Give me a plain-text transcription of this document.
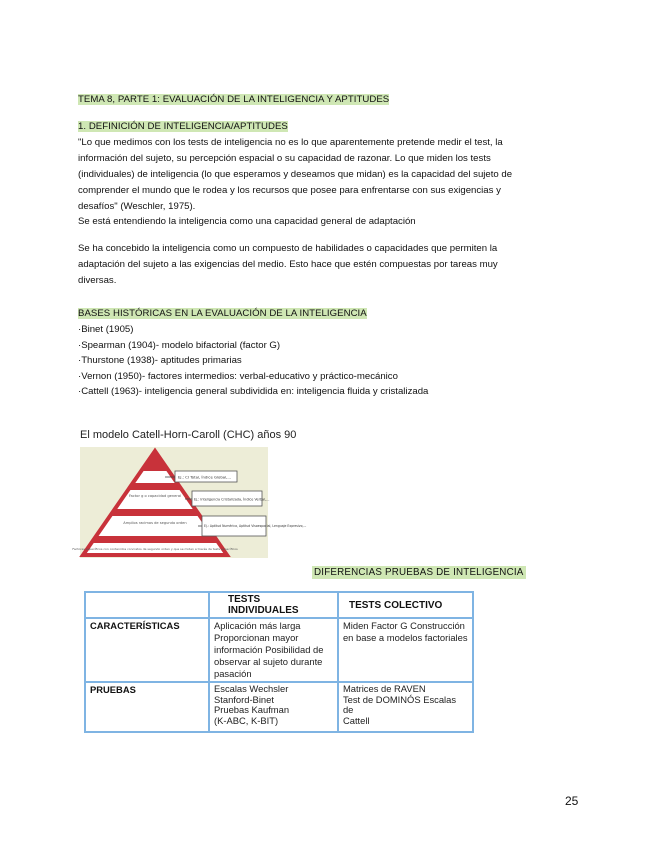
TEMA 8, PARTE 1: EVALUACIÓN DE LA INTELIGENCIA Y APTITUDES
1. DEFINICIÓN DE INTELIGENCIA/APTITUDES

"Lo que medimos con los tests de inteligencia no es lo que aparentemente pretende medir el test, la

información del sujeto, su percepción espacial o su capacidad de razonar. Lo que miden los tests

(individuales) de inteligencia (lo que esperamos y deseamos que midan) es la capacidad del sujeto de

comprender el mundo que le rodea y los recursos que posee para enfrentarse con sus exigencias y

desafíos" (Weschler, 1975).

Se está entendiendo la inteligencia como una capacidad general de adaptación

Se ha concebido la inteligencia como un compuesto de habilidades o capacidades que permiten la

adaptación del sujeto a las exigencias del medio. Esto hace que estén compuestas por tareas muy

diversas.

BASES HISTÓRICAS EN LA EVALUACIÓN DE LA INTELIGENCIA

·Binet (1905)

·Spearman (1904)- modelo bifactorial (factor G)

·Thurstone (1938)- aptitudes primarias

·Vernon (1950)- factores intermedios: verbal-educativo y práctico-mecánico

·Cattell (1963)- inteligencia general subdividida en: inteligencia fluida y cristalizada

El modelo Catell-Horn-Caroll (CHC) años 90
Factor g o capacidad general
Amplios racimos de segundo orden
Factores específicos con contenidos concretos de segundo orden y que se miden a través de tests específicos
Ej.: CI Total, Índice Global,...
Ej.: Inteligencia Cristalizada, Índice Verbal,...
Ej.: Aptitud Numérica, Aptitud Visoespacial, Lenguaje Expresivo,...
DIFERENCIAS PRUEBAS DE INTELIGENCIA
	TESTS INDIVIDUALES	TESTS COLECTIVO
CARACTERÍSTICAS	Aplicación más larga
Proporcionan mayor
información Posibilidad de
observar al sujeto durante
pasación	Miden Factor G Construcción
en base a modelos factoriales

PRUEBAS	Escalas Wechsler
Stanford-Binet
Pruebas Kaufman
(K-ABC, K-BIT)	Matrices de RAVEN
Test de DOMINÓS Escalas de
Cattell
25
